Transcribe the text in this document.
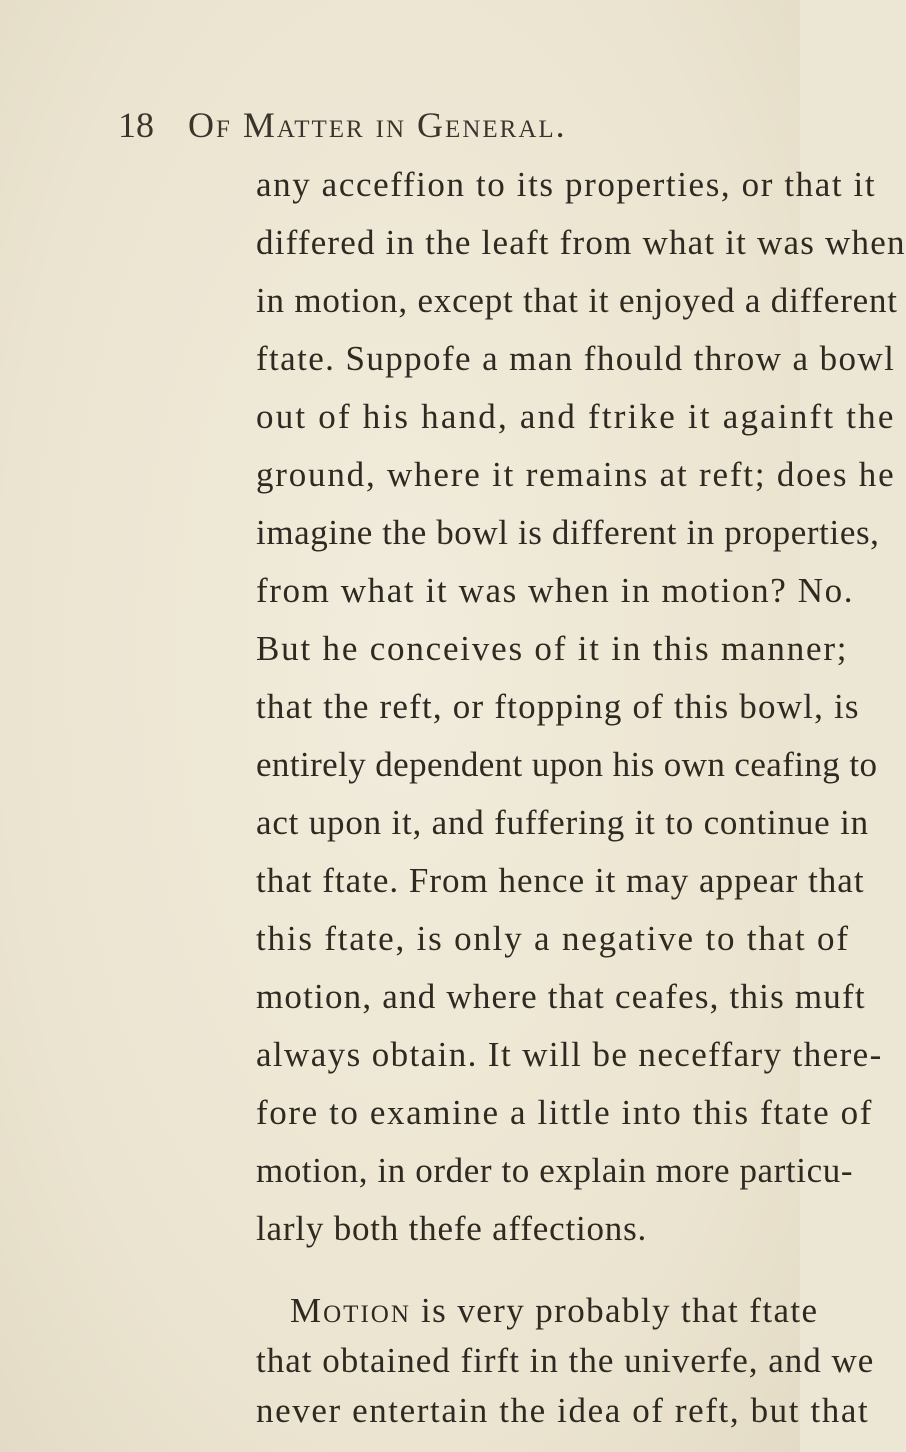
18 Of Matter in General.
any acceffion to its properties, or that it
differed in the leaft from what it was when
in motion, except that it enjoyed a different
ftate. Suppofe a man fhould throw a bowl
out of his hand, and ftrike it againft the
ground, where it remains at reft; does he
imagine the bowl is different in properties,
from what it was when in motion? No.
But he conceives of it in this manner;
that the reft, or ftopping of this bowl, is
entirely dependent upon his own ceafing to
act upon it, and fuffering it to continue in
that ftate. From hence it may appear that
this ftate, is only a negative to that of
motion, and where that ceafes, this muft
always obtain. It will be neceffary there-
fore to examine a little into this ftate of
motion, in order to explain more particu-
larly both thefe affections.
Motion is very probably that ftate
that obtained firft in the univerfe, and we
never entertain the idea of reft, but that
